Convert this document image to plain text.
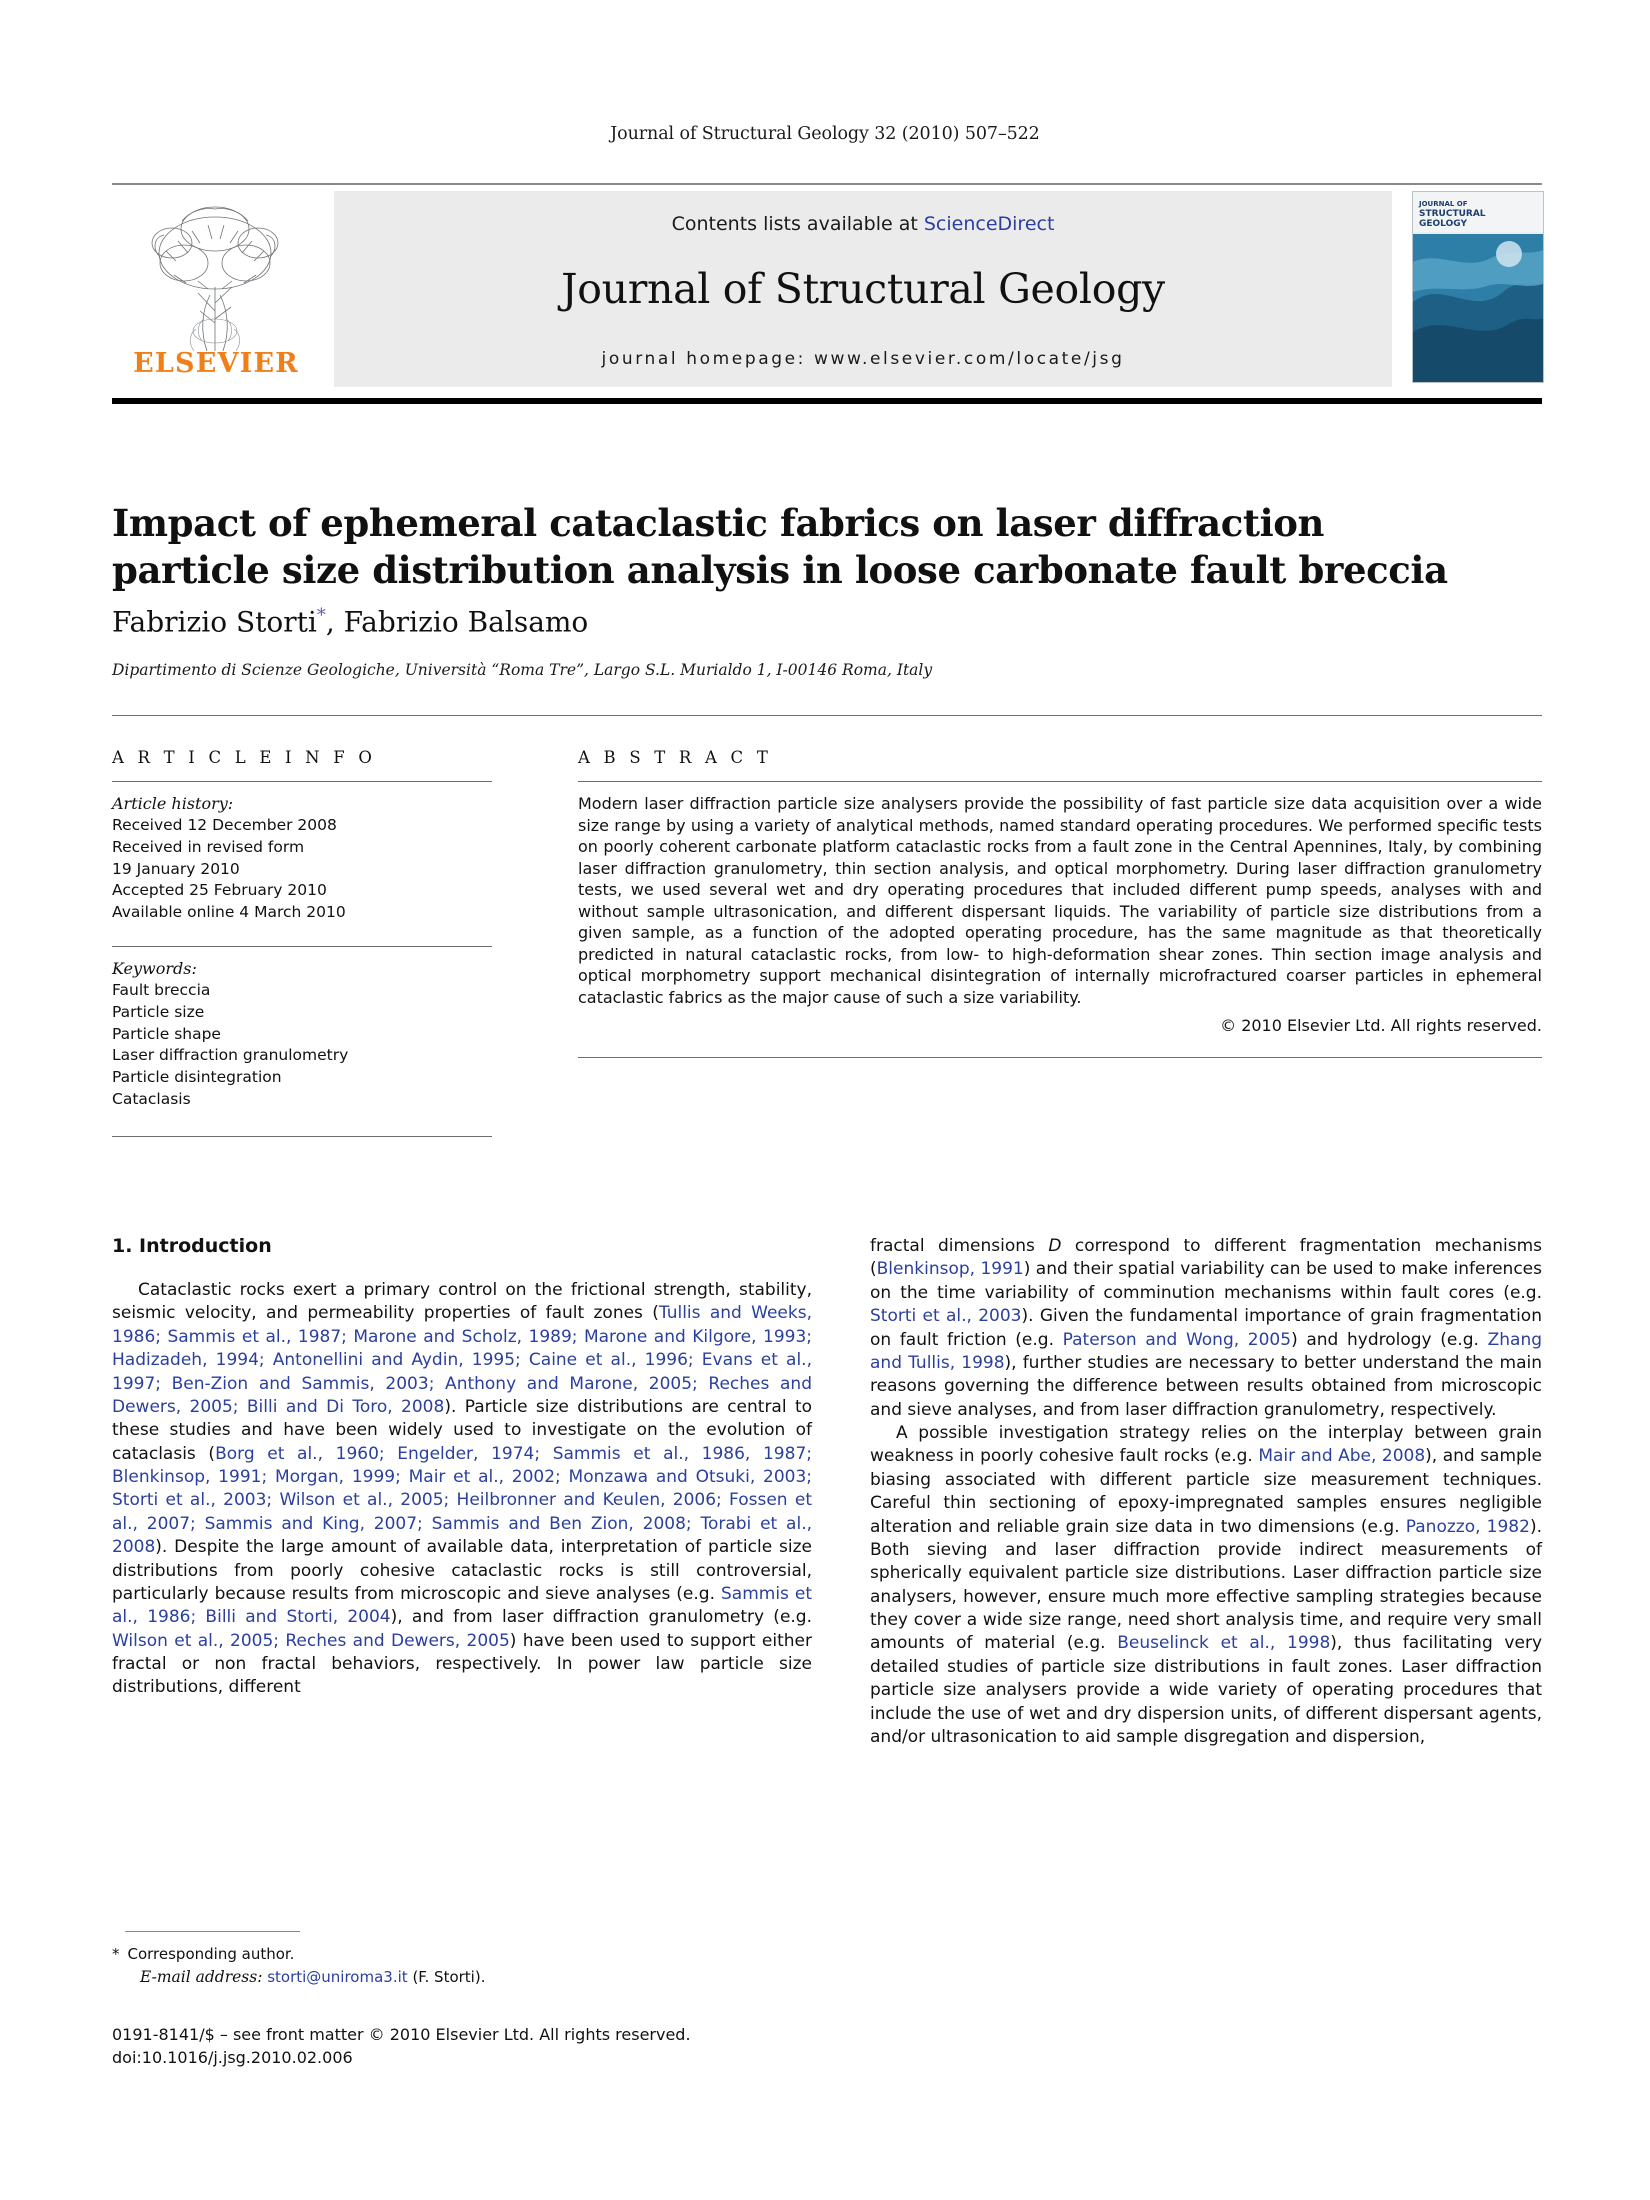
Journal of Structural Geology 32 (2010) 507–522
ELSEVIER
Contents lists available at ScienceDirect
Journal of Structural Geology
journal homepage: www.elsevier.com/locate/jsg
JOURNAL OF
STRUCTURAL
GEOLOGY
Impact of ephemeral cataclastic fabrics on laser diffraction particle size distribution analysis in loose carbonate fault breccia
Fabrizio Storti*, Fabrizio Balsamo
Dipartimento di Scienze Geologiche, Università “Roma Tre”, Largo S.L. Murialdo 1, I-00146 Roma, Italy
A R T I C L E I N F O
Article history:
Received 12 December 2008
Received in revised form
19 January 2010
Accepted 25 February 2010
Available online 4 March 2010
Keywords:
Fault breccia
Particle size
Particle shape
Laser diffraction granulometry
Particle disintegration
Cataclasis
A B S T R A C T
Modern laser diffraction particle size analysers provide the possibility of fast particle size data acquisition over a wide size range by using a variety of analytical methods, named standard operating procedures. We performed specific tests on poorly coherent carbonate platform cataclastic rocks from a fault zone in the Central Apennines, Italy, by combining laser diffraction granulometry, thin section analysis, and optical morphometry. During laser diffraction granulometry tests, we used several wet and dry operating procedures that included different pump speeds, analyses with and without sample ultrasonication, and different dispersant liquids. The variability of particle size distributions from a given sample, as a function of the adopted operating procedure, has the same magnitude as that theoretically predicted in natural cataclastic rocks, from low- to high-deformation shear zones. Thin section image analysis and optical morphometry support mechanical disintegration of internally microfractured coarser particles in ephemeral cataclastic fabrics as the major cause of such a size variability.
© 2010 Elsevier Ltd. All rights reserved.
1. Introduction

Cataclastic rocks exert a primary control on the frictional strength, stability, seismic velocity, and permeability properties of fault zones (Tullis and Weeks, 1986; Sammis et al., 1987; Marone and Scholz, 1989; Marone and Kilgore, 1993; Hadizadeh, 1994; Antonellini and Aydin, 1995; Caine et al., 1996; Evans et al., 1997; Ben-Zion and Sammis, 2003; Anthony and Marone, 2005; Reches and Dewers, 2005; Billi and Di Toro, 2008). Particle size distributions are central to these studies and have been widely used to investigate on the evolution of cataclasis (Borg et al., 1960; Engelder, 1974; Sammis et al., 1986, 1987; Blenkinsop, 1991; Morgan, 1999; Mair et al., 2002; Monzawa and Otsuki, 2003; Storti et al., 2003; Wilson et al., 2005; Heilbronner and Keulen, 2006; Fossen et al., 2007; Sammis and King, 2007; Sammis and Ben Zion, 2008; Torabi et al., 2008). Despite the large amount of available data, interpretation of particle size distributions from poorly cohesive cataclastic rocks is still controversial, particularly because results from microscopic and sieve analyses (e.g. Sammis et al., 1986; Billi and Storti, 2004), and from laser diffraction granulometry (e.g. Wilson et al., 2005; Reches and Dewers, 2005) have been used to support either fractal or non fractal behaviors, respectively. In power law particle size distributions, different

fractal dimensions D correspond to different fragmentation mechanisms (Blenkinsop, 1991) and their spatial variability can be used to make inferences on the time variability of comminution mechanisms within fault cores (e.g. Storti et al., 2003). Given the fundamental importance of grain fragmentation on fault friction (e.g. Paterson and Wong, 2005) and hydrology (e.g. Zhang and Tullis, 1998), further studies are necessary to better understand the main reasons governing the difference between results obtained from microscopic and sieve analyses, and from laser diffraction granulometry, respectively.

A possible investigation strategy relies on the interplay between grain weakness in poorly cohesive fault rocks (e.g. Mair and Abe, 2008), and sample biasing associated with different particle size measurement techniques. Careful thin sectioning of epoxy-impregnated samples ensures negligible alteration and reliable grain size data in two dimensions (e.g. Panozzo, 1982). Both sieving and laser diffraction provide indirect measurements of spherically equivalent particle size distributions. Laser diffraction particle size analysers, however, ensure much more effective sampling strategies because they cover a wide size range, need short analysis time, and require very small amounts of material (e.g. Beuselinck et al., 1998), thus facilitating very detailed studies of particle size distributions in fault zones. Laser diffraction particle size analysers provide a wide variety of operating procedures that include the use of wet and dry dispersion units, of different dispersant agents, and/or ultrasonication to aid sample disgregation and dispersion,

* Corresponding author.
E-mail address: storti@uniroma3.it (F. Storti).
0191-8141/$ – see front matter © 2010 Elsevier Ltd. All rights reserved.
doi:10.1016/j.jsg.2010.02.006
